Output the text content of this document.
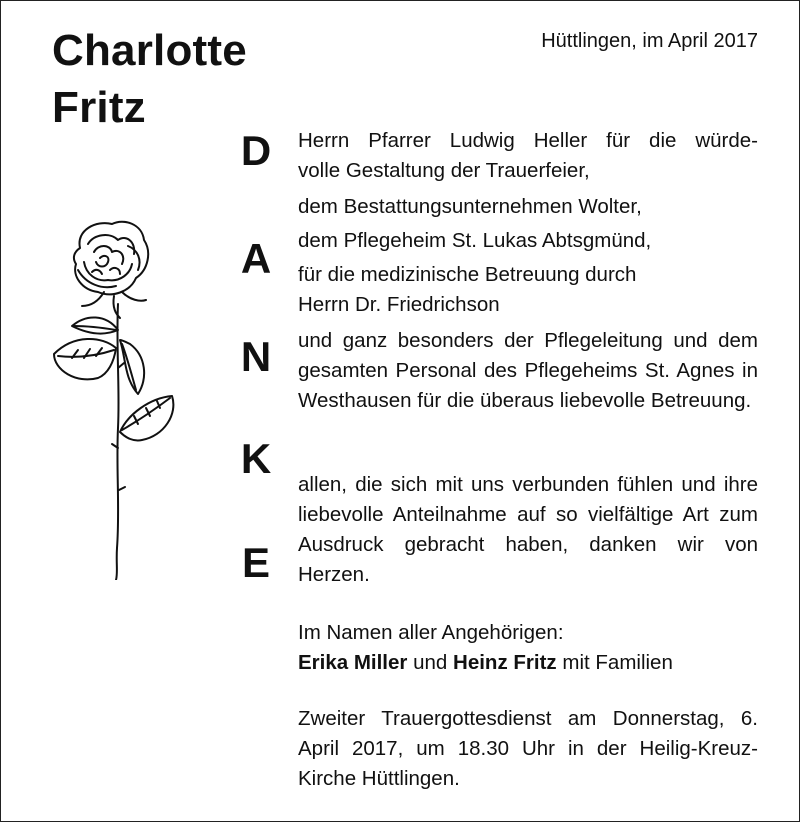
Charlotte
Fritz
Hüttlingen, im April 2017
D
A
N
K
E
Herrn Pfarrer Ludwig Heller für die würde-
volle Gestaltung der Trauerfeier,
dem Bestattungsunternehmen Wolter,
dem Pflegeheim St. Lukas Abtsgmünd,
für die medizinische Betreuung durch
Herrn Dr. Friedrichson
und ganz besonders der Pflegeleitung und dem gesamten Personal des Pflegeheims St. Agnes in Westhausen für die überaus liebevolle Betreuung.
allen, die sich mit uns verbunden fühlen und ihre liebevolle Anteilnahme auf so vielfältige Art zum Ausdruck gebracht haben, danken wir von Herzen.
Im Namen aller Angehörigen:
Erika Miller und Heinz Fritz mit Familien
Zweiter Trauergottesdienst am Donnerstag, 6. April 2017, um 18.30 Uhr in der Heilig-Kreuz-Kirche Hüttlingen.
